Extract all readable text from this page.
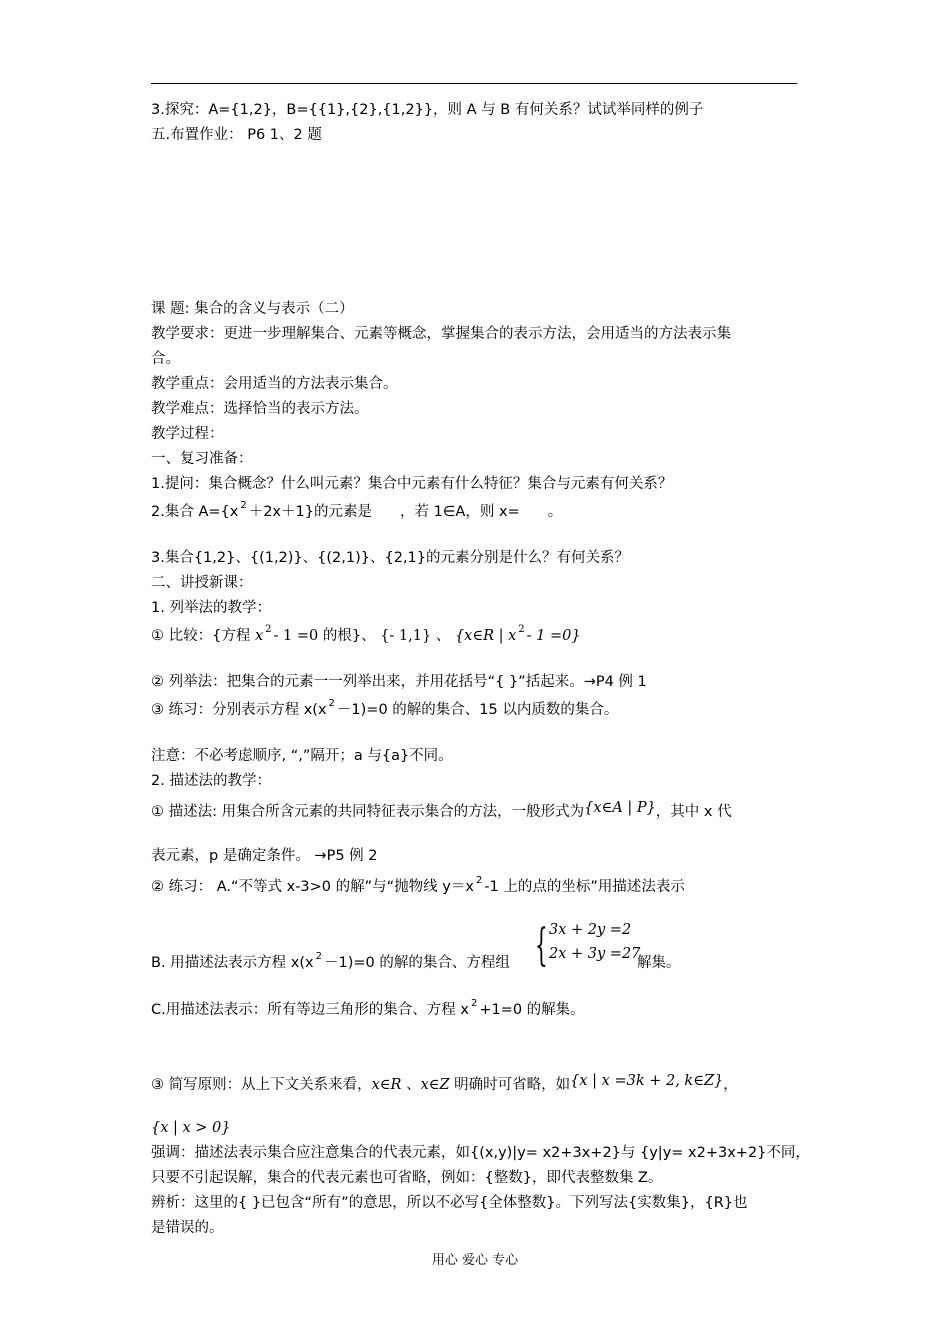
3.探究：A={1,2}，B={{1},{2},{1,2}}，则 A 与 B 有何关系？试试举同样的例子
五.布置作业： P6 1、2 题
课 题: 集合的含义与表示（二）
教学要求：更进一步理解集合、元素等概念，掌握集合的表示方法，会用适当的方法表示集
合。
教学重点：会用适当的方法表示集合。
教学难点：选择恰当的表示方法。
教学过程：
一、复习准备：
1.提问：集合概念？什么叫元素？集合中元素有什么特征？集合与元素有何关系？
2.集合 A={x $^2$ ＋2x＋1}的元素是 ，若 1∈A，则 x= 。
3.集合{1,2}、{(1,2)}、{(2,1)}、{2,1}的元素分别是什么？有何关系？
二、讲授新课：
1. 列举法的教学：
① 比较：{方程 x $^2$ - 1 =0 的根}、 {- 1,1} 、 {x∈R | x $^2$ - 1 =0}
② 列举法：把集合的元素一一列举出来，并用花括号“{ }”括起来。→P4 例 1
③ 练习：分别表示方程 x(x $^2$ －1)=0 的解的集合、15 以内质数的集合。
注意：不必考虑顺序, “,”隔开；a 与{a}不同。
2. 描述法的教学：
① 描述法: 用集合所含元素的共同特征表示集合的方法，一般形式为{x∈A | P}，其中 x 代
表元素，p 是确定条件。 →P5 例 2
② 练习： A.“不等式 x-3>0 的解”与“抛物线 y＝x $^2$ -1 上的点的坐标”用描述法表示
B. 用描述法表示方程 x(x $^2$ －1)=0 的解的集合、方程组 { 3x + 2y =2
2x + 3y =27
解集。
C.用描述法表示：所有等边三角形的集合、方程 x $^2$ +1=0 的解集。
③ 简写原则：从上下文关系来看，x∈R 、x∈Z 明确时可省略，如{x | x =3k + 2, k∈Z}，
{x | x > 0}
强调：描述法表示集合应注意集合的代表元素，如{(x,y)|y= x2+3x+2}与 {y|y= x2+3x+2}不同，
只要不引起误解，集合的代表元素也可省略，例如：{整数}，即代表整数集 Z。
辨析：这里的{ }已包含“所有”的意思，所以不必写{全体整数}。下列写法{实数集}，{R}也
是错误的。
用心 爱心 专心
